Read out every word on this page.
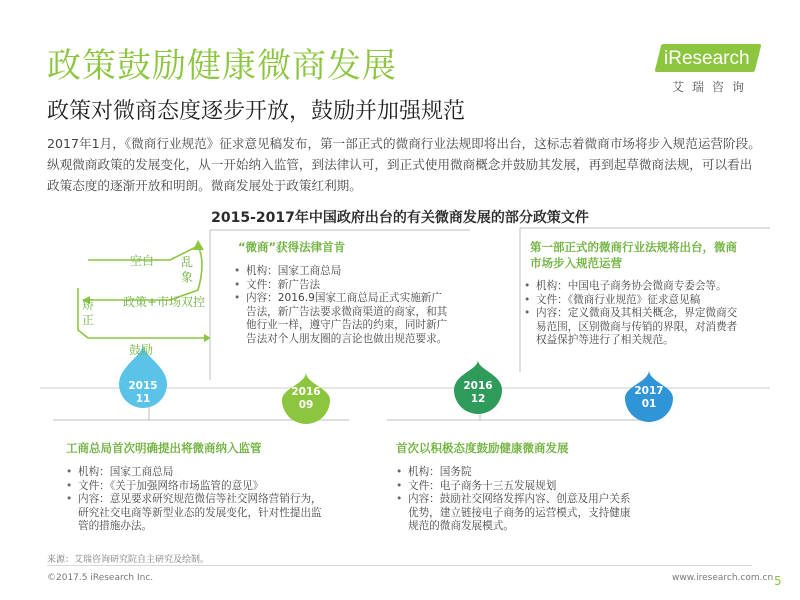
政策鼓励健康微商发展
政策对微商态度逐步开放，鼓励并加强规范
iResearch
艾瑞咨询
2017年1月，《微商行业规范》征求意见稿发布，第一部正式的微商行业法规即将出台，这标志着微商市场将步入规范运营阶段。纵观微商政策的发展变化，从一开始纳入监管，到法律认可，到正式使用微商概念并鼓励其发展，再到起草微商法规，可以看出政策态度的逐渐开放和明朗。微商发展处于政策红利期。
2015-2017年中国政府出台的有关微商发展的部分政策文件
空白 乱象
矫正
政策+市场双控
鼓励
2015
11
2016
09
2016
12
2017
01
“微商”获得法律首肯
• 机构：国家工商总局
• 文件：新广告法
• 内容：2016.9国家工商总局正式实施新广告法，新广告法要求微商渠道的商家，和其他行业一样，遵守广告法的约束，同时新广告法对个人朋友圈的言论也做出规范要求。
第一部正式的微商行业法规将出台，微商市场步入规范运营
• 机构：中国电子商务协会微商专委会等。
• 文件：《微商行业规范》征求意见稿
• 内容：定义微商及其相关概念，界定微商交易范围，区别微商与传销的界限，对消费者权益保护等进行了相关规范。
工商总局首次明确提出将微商纳入监管
• 机构：国家工商总局
• 文件：《关于加强网络市场监管的意见》
• 内容：意见要求研究规范微信等社交网络营销行为，研究社交电商等新型业态的发展变化，针对性提出监管的措施办法。
首次以积极态度鼓励健康微商发展
• 机构：国务院
• 文件：电子商务十三五发展规划
• 内容：鼓励社交网络发挥内容、创意及用户关系优势，建立链接电子商务的运营模式，支持健康规范的微商发展模式。
来源：艾瑞咨询研究院自主研究及绘制。
©2017.5 iResearch Inc.	www.iresearch.com.cn 5
